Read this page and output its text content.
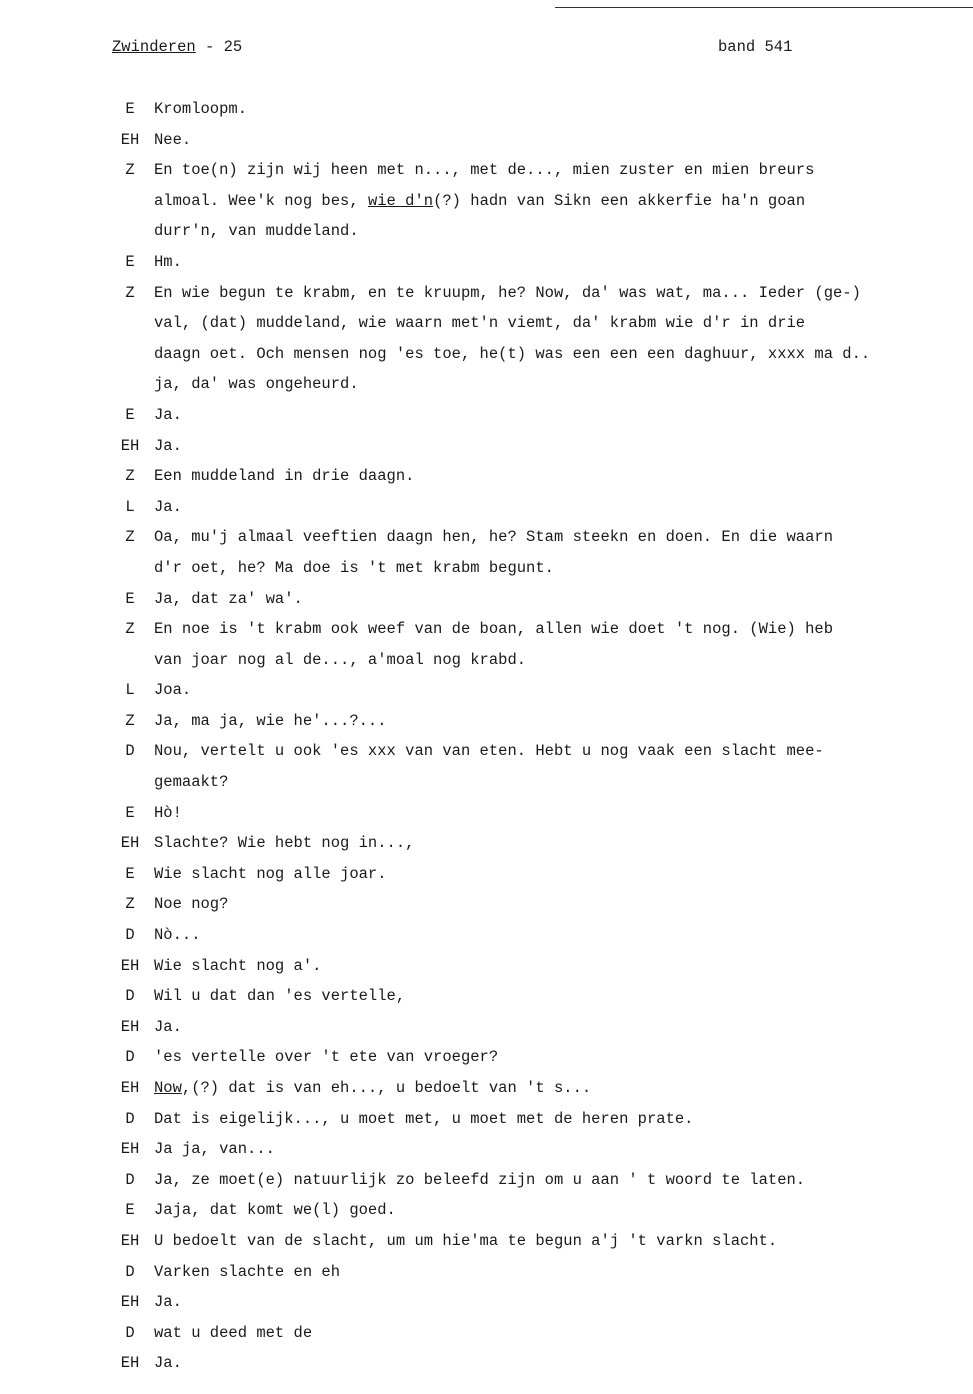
Zwinderen - 25	band 541
E	Kromloopm.
EH Nee.
Z	En toe(n) zijn wij heen met n..., met de..., mien zuster en mien breurs
almoal. Wee'k nog bes, wie d'n(?) hadn van Sikn een akkerfie ha'n goan
durr'n, van muddeland.
E	Hm.
Z	En wie begun te krabm, en te kruupm, he? Now, da' was wat, ma... Ieder (ge-)
val, (dat) muddeland, wie waarn met'n viemt, da' krabm wie d'r in drie
daagn oet. Och mensen nog 'es toe, he(t) was een een een daghuur, xxxx ma d..
ja, da' was ongeheurd.
E	Ja.
EH Ja.
Z	Een muddeland in drie daagn.
L	Ja.
Z	Oa, mu'j almaal veeftien daagn hen, he? Stam steekn en doen. En die waarn
d'r oet, he? Ma doe is 't met krabm begunt.
E	Ja, dat za' wa'.
Z	En noe is 't krabm ook weef van de boan, allen wie doet 't nog. (Wie) heb
van joar nog al de..., a'moal nog krabd.
L	Joa.
Z	Ja, ma ja, wie he'...?...
D	Nou, vertelt u ook 'es xxx van van eten. Hebt u nog vaak een slacht mee-
gemaakt?
E	Hò!
EH Slachte? Wie hebt nog in...,
E	Wie slacht nog alle joar.
Z	Noe nog?
D	Nò...
EH Wie slacht nog a'.
D	Wil u dat dan 'es vertelle,
EH Ja.
D	'es vertelle over 't ete van vroeger?
EH Now,(?) dat is van eh..., u bedoelt van 't s...
D	Dat is eigelijk..., u moet met, u moet met de heren prate.
EH Ja ja, van...
D	Ja, ze moet(e) natuurlijk zo beleefd zijn om u aan ' t woord te laten.
E	Jaja, dat komt we(l) goed.
EH U bedoelt van de slacht, um um hie'ma te begun a'j 't varkn slacht.
D	Varken slachte en eh
EH Ja.
D	wat u deed met de
EH Ja.
